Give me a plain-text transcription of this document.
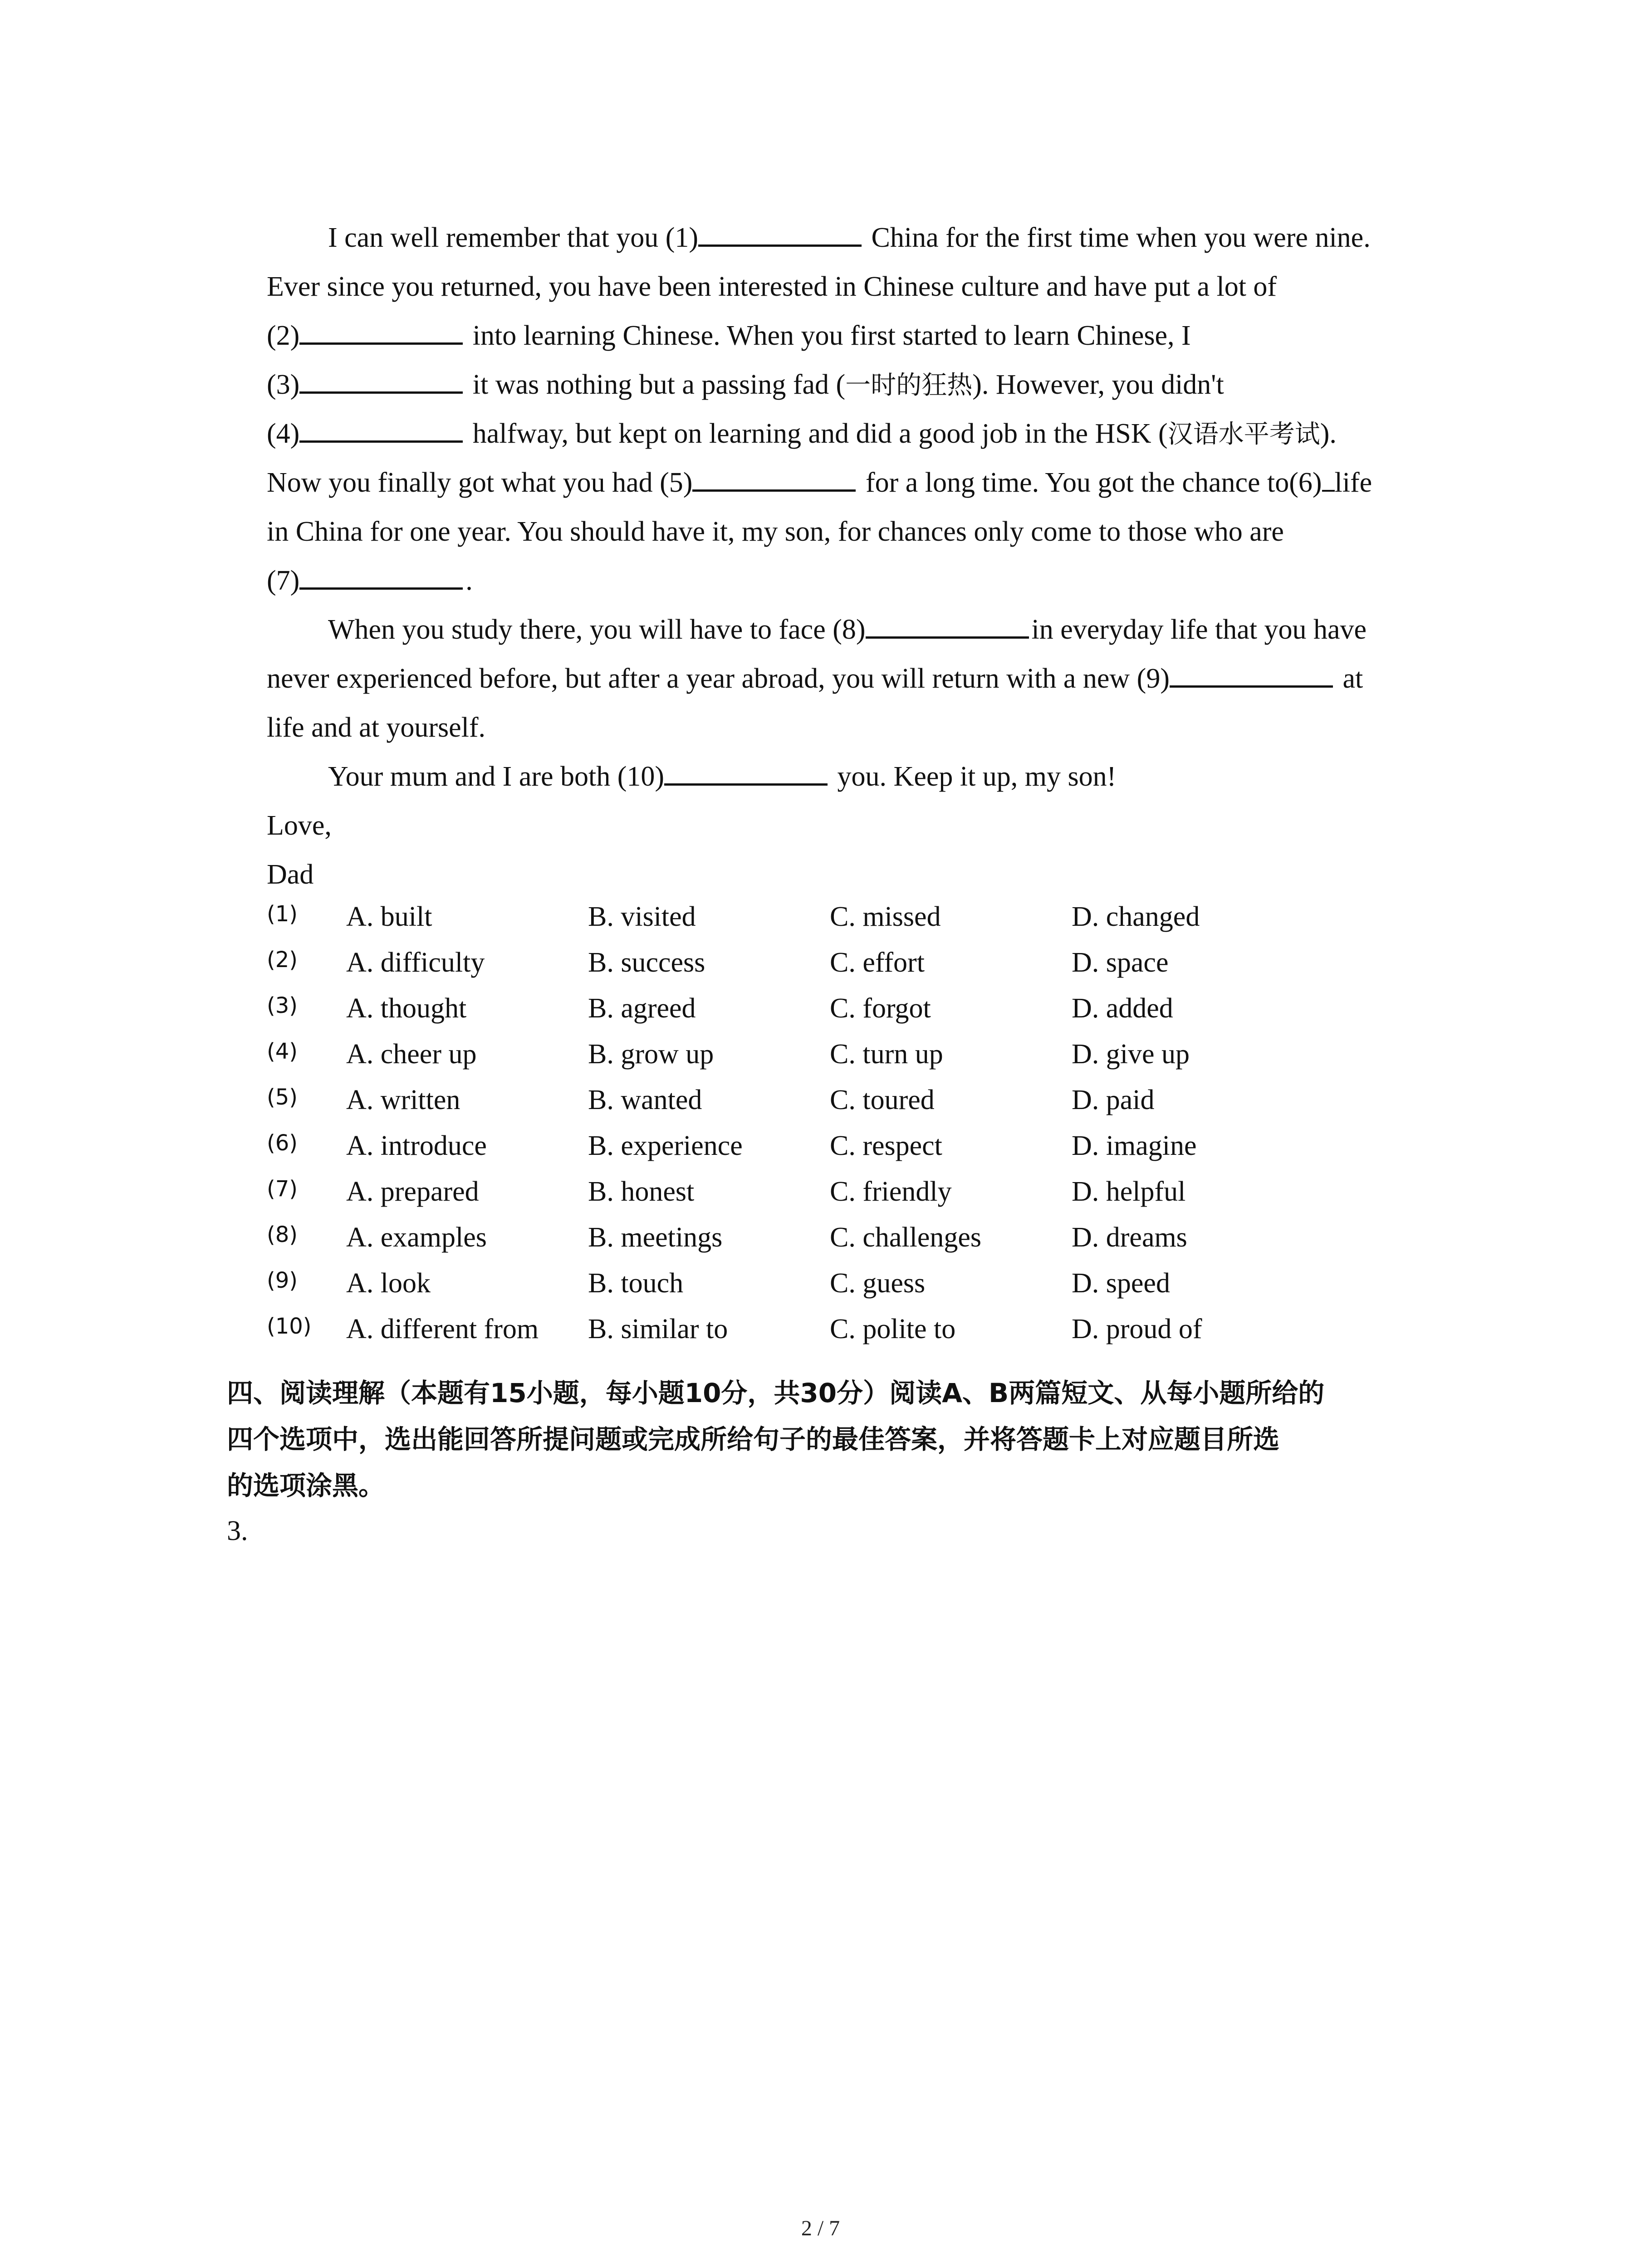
I can well remember that you (1)	China for the first time when you were nine.
Ever since you returned, you have been interested in Chinese culture and have put a lot of
(2)	into learning Chinese. When you first started to learn Chinese, I
(3)	it was nothing but a passing fad (一时的狂热). However, you didn't
(4)	halfway, but kept on learning and did a good job in the HSK (汉语水平考试).
Now you finally got what you had (5)	for a long time. You got the chance to(6) life
in China for one year. You should have it, my son, for chances only come to those who are
(7)	.
When you study there, you will have to face (8)	in everyday life that you have
never experienced before, but after a year abroad, you will return with a new (9)	at
life and at yourself.
Your mum and I are both (10)	you. Keep it up, my son!
Love,
Dad
(1) A. built	B. visited	C. missed	D. changed
(2) A. difficulty	B. success	C. effort	D. space
(3) A. thought	B. agreed	C. forgot	D. added
(4) A. cheer up	B. grow up	C. turn up	D. give up
(5) A. written	B. wanted	C. toured	D. paid
(6) A. introduce	B. experience	C. respect	D. imagine
(7) A. prepared	B. honest	C. friendly	D. helpful
(8) A. examples	B. meetings	C. challenges	D. dreams
(9) A. look	B. touch	C. guess	D. speed
(10) A. different from B. similar to	C. polite to	D. proud of
四、阅读理解（本题有15小题，每小题10分，共30分）阅读A、B两篇短文、从每小题所给的
四个选项中，选出能回答所提问题或完成所给句子的最佳答案，并将答题卡上对应题目所选
的选项涂黑。
3.
2 / 7
